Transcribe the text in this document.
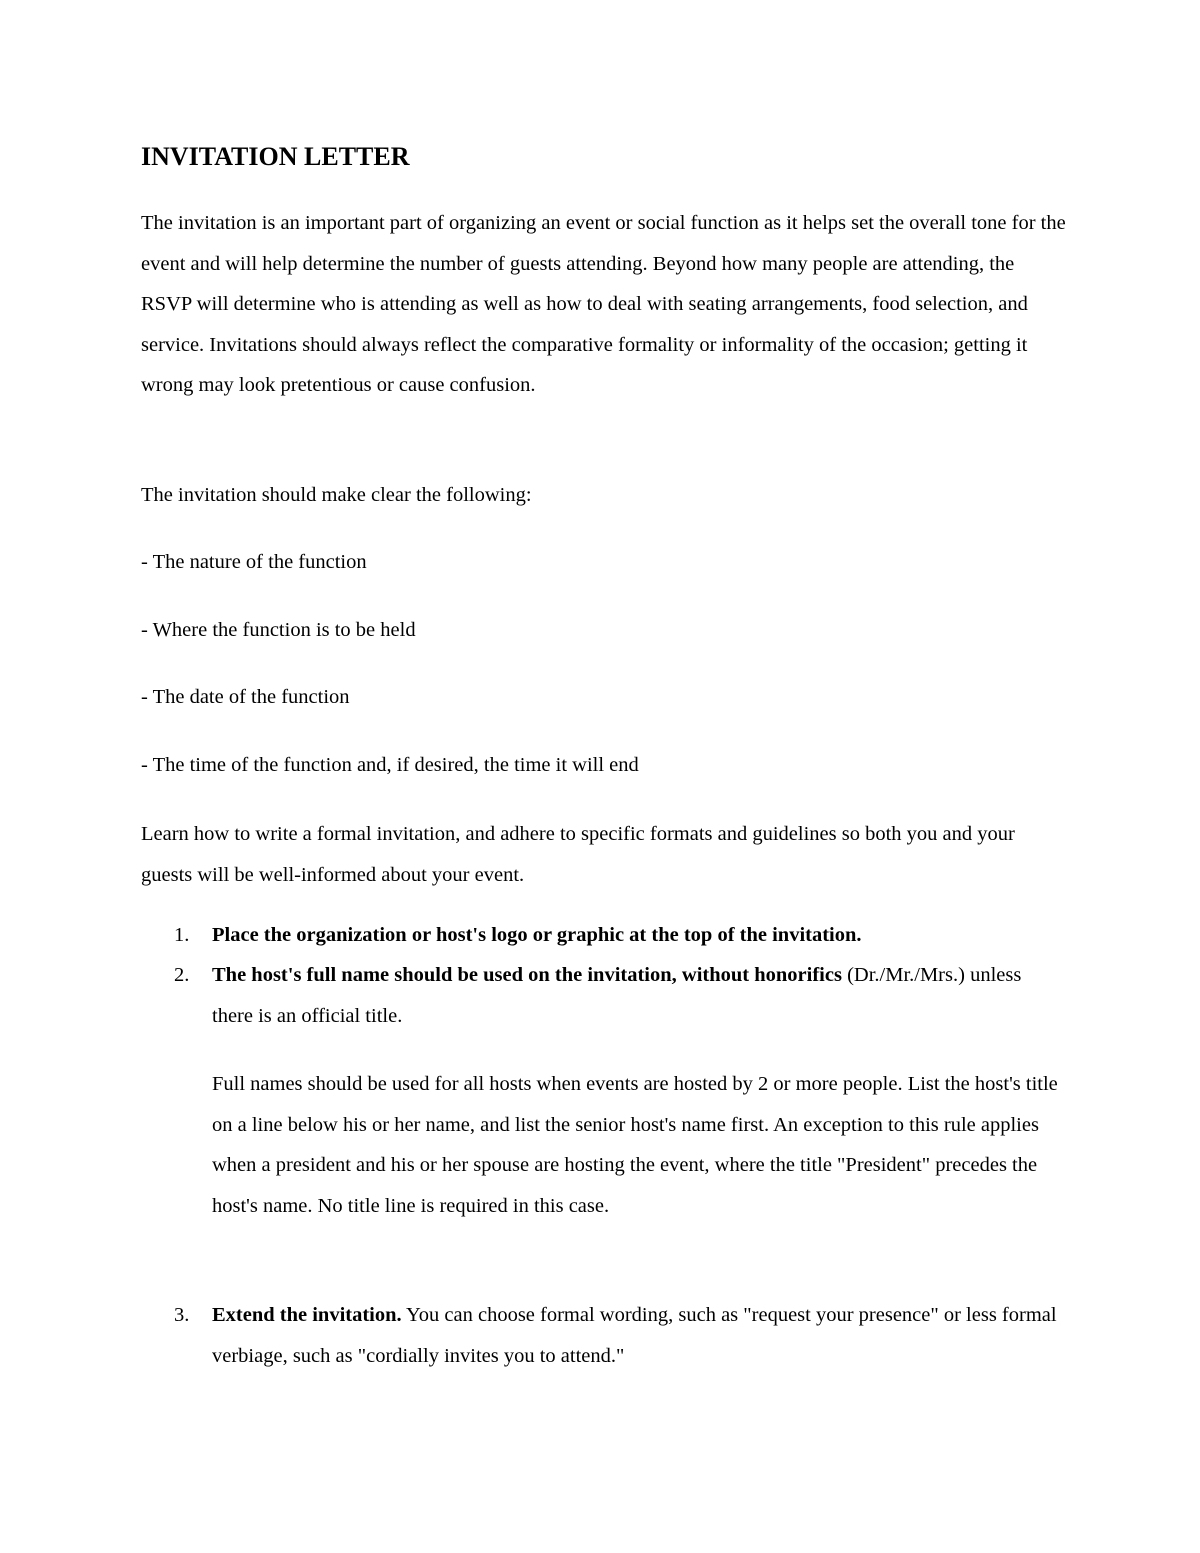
INVITATION LETTER
The invitation is an important part of organizing an event or social function as it helps set the overall tone for the event and will help determine the number of guests attending. Beyond how many people are attending, the RSVP will determine who is attending as well as how to deal with seating arrangements, food selection, and service. Invitations should always reflect the comparative formality or informality of the occasion; getting it wrong may look pretentious or cause confusion.
The invitation should make clear the following:
- The nature of the function
- Where the function is to be held
- The date of the function
- The time of the function and, if desired, the time it will end
Learn how to write a formal invitation, and adhere to specific formats and guidelines so both you and your guests will be well-informed about your event.
1.	Place the organization or host's logo or graphic at the top of the invitation.
2.	The host's full name should be used on the invitation, without honorifics (Dr./Mr./Mrs.) unless there is an official title.
Full names should be used for all hosts when events are hosted by 2 or more people. List the host's title on a line below his or her name, and list the senior host's name first. An exception to this rule applies when a president and his or her spouse are hosting the event, where the title "President" precedes the host's name. No title line is required in this case.
3.	Extend the invitation. You can choose formal wording, such as "request your presence" or less formal verbiage, such as "cordially invites you to attend."
